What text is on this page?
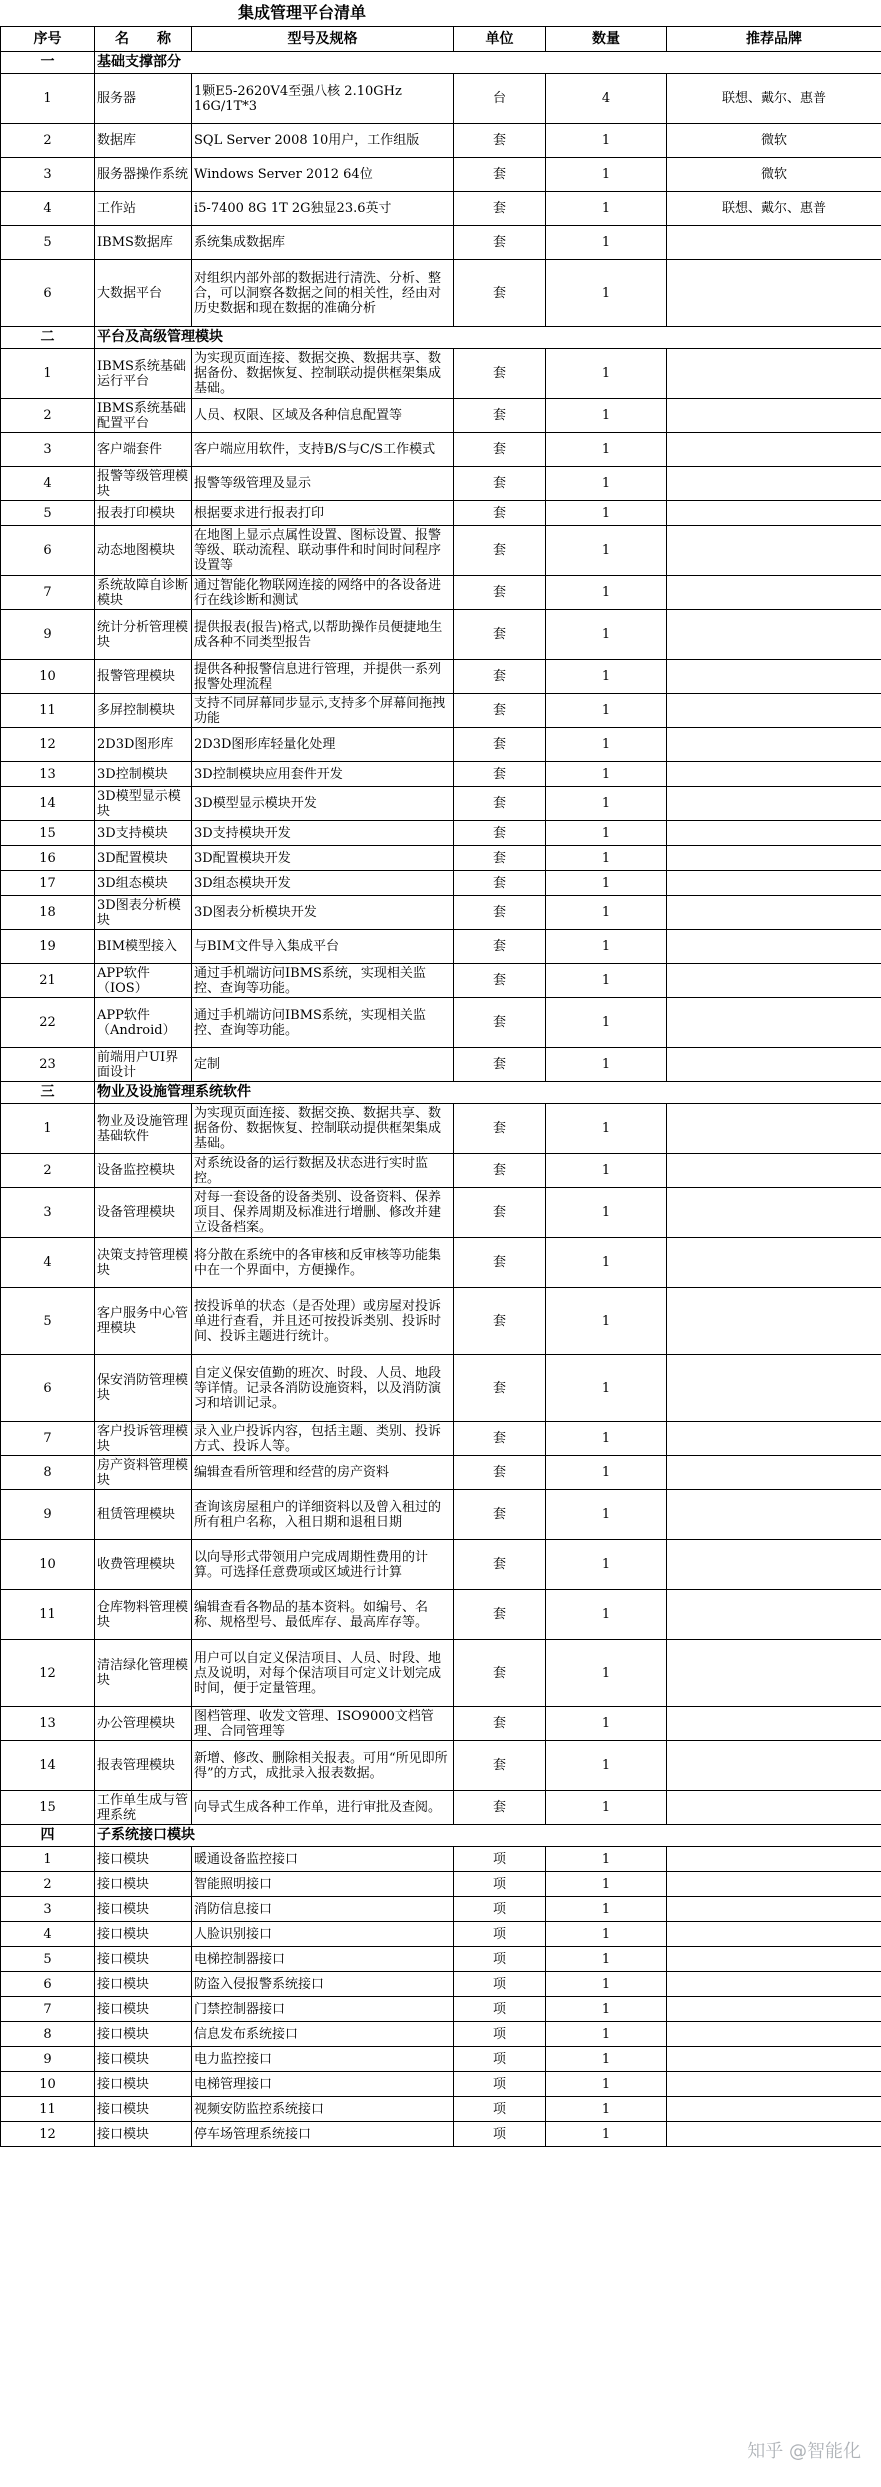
集成管理平台清单
序号	名　　称	型号及规格	单位	数量	推荐品牌
一	基础支撑部分				
1	服务器	1颗E5-2620V4至强八核 2.10GHz 16G/1T*3	台	4	联想、戴尔、惠普
2	数据库	SQL Server 2008 10用户，工作组版	套	1	微软
3	服务器操作系统	Windows Server 2012 64位	套	1	微软
4	工作站	i5-7400 8G 1T 2G独显23.6英寸	套	1	联想、戴尔、惠普
5	IBMS数据库	系统集成数据库	套	1	
6	大数据平台	对组织内部外部的数据进行清洗、分析、整合，可以洞察各数据之间的相关性，经由对历史数据和现在数据的准确分析	套	1	
二	平台及高级管理模块				
1	IBMS系统基础运行平台	为实现页面连接、数据交换、数据共享、数据备份、数据恢复、控制联动提供框架集成基础。	套	1	
2	IBMS系统基础配置平台	人员、权限、区域及各种信息配置等	套	1	
3	客户端套件	客户端应用软件，支持B/S与C/S工作模式	套	1	
4	报警等级管理模块	报警等级管理及显示	套	1	
5	报表打印模块	根据要求进行报表打印	套	1	
6	动态地图模块	在地图上显示点属性设置、图标设置、报警等级、联动流程、联动事件和时间时间程序设置等	套	1	
7	系统故障自诊断模块	通过智能化物联网连接的网络中的各设备进行在线诊断和测试	套	1	
9	统计分析管理模块	提供报表(报告)格式,以帮助操作员便捷地生成各种不同类型报告	套	1	
10	报警管理模块	提供各种报警信息进行管理，并提供一系列报警处理流程	套	1	
11	多屏控制模块	支持不同屏幕同步显示,支持多个屏幕间拖拽功能	套	1	
12	2D3D图形库	2D3D图形库轻量化处理	套	1	
13	3D控制模块	3D控制模块应用套件开发	套	1	
14	3D模型显示模块	3D模型显示模块开发	套	1	
15	3D支持模块	3D支持模块开发	套	1	
16	3D配置模块	3D配置模块开发	套	1	
17	3D组态模块	3D组态模块开发	套	1	
18	3D图表分析模块	3D图表分析模块开发	套	1	
19	BIM模型接入	与BIM文件导入集成平台	套	1	
21	APP软件（IOS）	通过手机端访问IBMS系统，实现相关监控、查询等功能。	套	1	
22	APP软件（Android）	通过手机端访问IBMS系统，实现相关监控、查询等功能。	套	1	
23	前端用户UI界面设计	定制	套	1	
三	物业及设施管理系统软件				
1	物业及设施管理基础软件	为实现页面连接、数据交换、数据共享、数据备份、数据恢复、控制联动提供框架集成基础。	套	1	
2	设备监控模块	对系统设备的运行数据及状态进行实时监控。	套	1	
3	设备管理模块	对每一套设备的设备类别、设备资料、保养项目、保养周期及标准进行增删、修改并建立设备档案。	套	1	
4	决策支持管理模块	将分散在系统中的各审核和反审核等功能集中在一个界面中，方便操作。	套	1	
5	客户服务中心管理模块	按投诉单的状态（是否处理）或房屋对投诉单进行查看，并且还可按投诉类别、投诉时间、投诉主题进行统计。	套	1	
6	保安消防管理模块	自定义保安值勤的班次、时段、人员、地段等详情。记录各消防设施资料，以及消防演习和培训记录。	套	1	
7	客户投诉管理模块	录入业户投诉内容，包括主题、类别、投诉方式、投诉人等。	套	1	
8	房产资料管理模块	编辑查看所管理和经营的房产资料	套	1	
9	租赁管理模块	查询该房屋租户的详细资料以及曾入租过的所有租户名称，入租日期和退租日期	套	1	
10	收费管理模块	以向导形式带领用户完成周期性费用的计算。可选择任意费项或区域进行计算	套	1	
11	仓库物料管理模块	编辑查看各物品的基本资料。如编号、名称、规格型号、最低库存、最高库存等。	套	1	
12	清洁绿化管理模块	用户可以自定义保洁项目、人员、时段、地点及说明，对每个保洁项目可定义计划完成时间，便于定量管理。	套	1	
13	办公管理模块	图档管理、收发文管理、ISO9000文档管理、合同管理等	套	1	
14	报表管理模块	新增、修改、删除相关报表。可用“所见即所得”的方式，成批录入报表数据。	套	1	
15	工作单生成与管理系统	向导式生成各种工作单，进行审批及查阅。	套	1	
四	子系统接口模块				
1	接口模块	暖通设备监控接口	项	1	
2	接口模块	智能照明接口	项	1	
3	接口模块	消防信息接口	项	1	
4	接口模块	人脸识别接口	项	1	
5	接口模块	电梯控制器接口	项	1	
6	接口模块	防盗入侵报警系统接口	项	1	
7	接口模块	门禁控制器接口	项	1	
8	接口模块	信息发布系统接口	项	1	
9	接口模块	电力监控接口	项	1	
10	接口模块	电梯管理接口	项	1	
11	接口模块	视频安防监控系统接口	项	1	
12	接口模块	停车场管理系统接口	项	1	
知乎 @智能化
